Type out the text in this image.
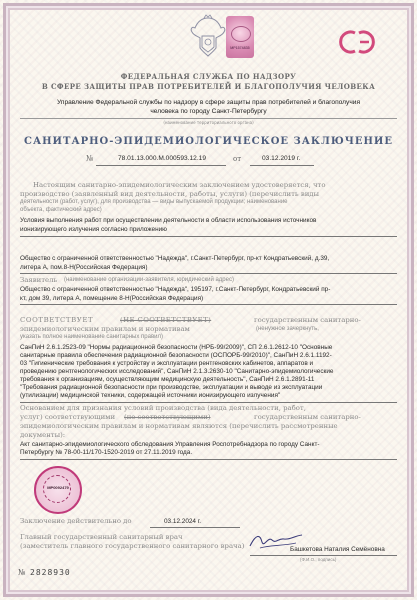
МР1574835
ФЕДЕРАЛЬНАЯ СЛУЖБА ПО НАДЗОРУ
В СФЕРЕ ЗАЩИТЫ ПРАВ ПОТРЕБИТЕЛЕЙ И БЛАГОПОЛУЧИЯ ЧЕЛОВЕКА
Управление Федеральной службы по надзору в сфере защиты прав потребителей и благополучия
человека по городу Санкт-Петербургу
(наименование территориального органа)
САНИТАРНО-ЭПИДЕМИОЛОГИЧЕСКОЕ ЗАКЛЮЧЕНИЕ
№	78.01.13.000.М.000593.12.19	от	03.12.2019 г.
Настоящим санитарно-эпидемиологическим заключением удостоверяется, что
производство (заявленный вид деятельности, работы, услуги) (перечислить виды
деятельности (работ, услуг), для производства — виды выпускаемой продукции; наименование
объекта, фактический адрес)
Условия выполнения работ при осуществлении деятельности в области использования источников
ионизирующего излучения согласно приложению
Общество с ограниченной ответственностью "Надежда", г.Санкт-Петербург, пр-кт Кондратьевский, д.39,
литера А, пом.8-Н(Российская Федерация)
Заявитель (наименование организации-заявителя, юридический адрес)
Общество с ограниченной ответственностью "Надежда", 195197, г.Санкт-Петербург, Кондратьевский пр-
кт, дом 39, литера А, помещение 8-Н(Российская Федерация)
СООТВЕТСТВУЕТ	(НЕ СООТВЕТСТВУЕТ)	государственным санитарно-
эпидемиологическим правилам и нормативам	(ненужное зачеркнуть,
указать полное наименование санитарных правил)
СанПиН 2.6.1.2523-09 "Нормы радиационной безопасности (НРБ-99/2009)", СП 2.6.1.2612-10 "Основные
санитарные правила обеспечения радиационной безопасности (ОСПОРБ-99/2010)", СанПиН 2.6.1.1192-
03 "Гигиенические требования к устройству и эксплуатации рентгеновских кабинетов, аппаратов и
проведению рентгенологических исследований", СанПиН 2.1.3.2630-10 "Санитарно-эпидемиологические
требования к организациям, осуществляющим медицинскую деятельность", СанПиН 2.6.1.2891-11
"Требования радиационной безопасности при производстве, эксплуатации и выводе из эксплуатации
(утилизации) медицинской техники, содержащей источники ионизирующего излучения"
Основанием для признания условий производства (вида деятельности, работ,
услуг) соответствующими (не соответствующими)	государственным санитарно-
эпидемиологическим правилам и нормативам являются (перечислить рассмотренные
документы):
Акт санитарно-эпидемиологического обследования Управления Роспотребнадзора по городу Санкт-
Петербургу № 78-00-11/170-1520-2019 от 27.11.2019 года.
МР0092479
Заключение действительно до	03.12.2024 г.
Главный государственный санитарный врач
(заместитель главного государственного санитарного врача)	Башкетова Наталия Семёновна
(Ф.И.О., подпись)
№ 2828930
